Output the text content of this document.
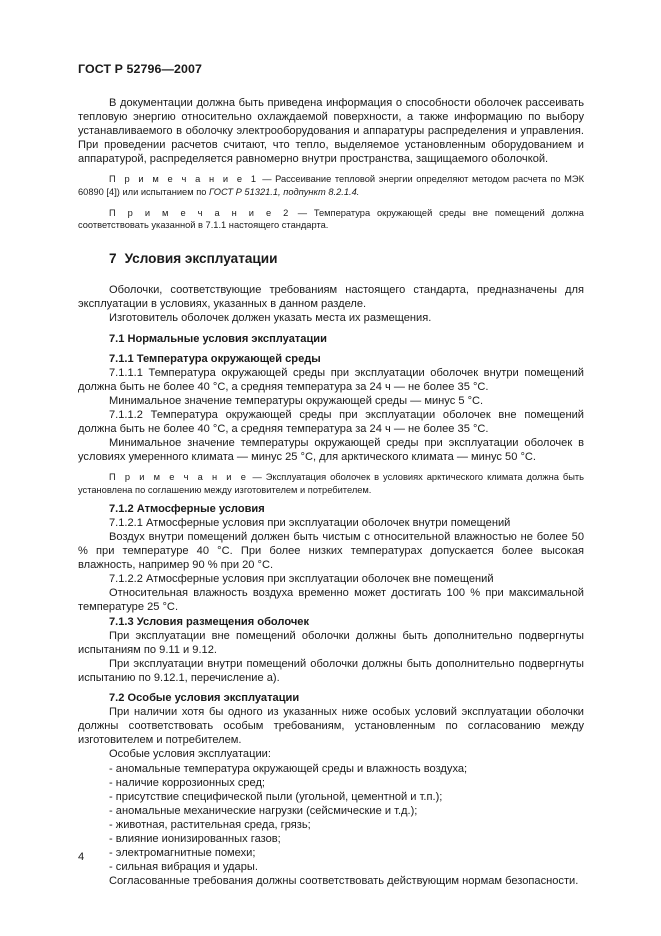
ГОСТ Р 52796—2007

В документации должна быть приведена информация о способности оболочек рассеивать тепловую энергию относительно охлаждаемой поверхности, а также информацию по выбору устанавливаемого в оболочку электрооборудования и аппаратуры распределения и управления. При проведении расчетов считают, что тепло, выделяемое установленным оборудованием и аппаратурой, распределяется равномерно внутри пространства, защищаемого оболочкой.

П р и м е ч а н и е 1 — Рассеивание тепловой энергии определяют методом расчета по МЭК 60890 [4]) или испытанием по ГОСТ Р 51321.1, подпункт 8.2.1.4.

П р и м е ч а н и е 2 — Температура окружающей среды вне помещений должна соответствовать указанной в 7.1.1 настоящего стандарта.

7 Условия эксплуатации

Оболочки, соответствующие требованиям настоящего стандарта, предназначены для эксплуатации в условиях, указанных в данном разделе.

Изготовитель оболочек должен указать места их размещения.

7.1 Нормальные условия эксплуатации

7.1.1 Температура окружающей среды

7.1.1.1 Температура окружающей среды при эксплуатации оболочек внутри помещений должна быть не более 40 °С, а средняя температура за 24 ч — не более 35 °С.

Минимальное значение температуры окружающей среды — минус 5 °С.

7.1.1.2 Температура окружающей среды при эксплуатации оболочек вне помещений должна быть не более 40 °С, а средняя температура за 24 ч — не более 35 °С.

Минимальное значение температуры окружающей среды при эксплуатации оболочек в условиях умеренного климата — минус 25 °С, для арктического климата — минус 50 °С.

П р и м е ч а н и е — Эксплуатация оболочек в условиях арктического климата должна быть установлена по соглашению между изготовителем и потребителем.

7.1.2 Атмосферные условия

7.1.2.1 Атмосферные условия при эксплуатации оболочек внутри помещений

Воздух внутри помещений должен быть чистым с относительной влажностью не более 50 % при температуре 40 °С. При более низких температурах допускается более высокая влажность, например 90 % при 20 °С.

7.1.2.2 Атмосферные условия при эксплуатации оболочек вне помещений

Относительная влажность воздуха временно может достигать 100 % при максимальной температуре 25 °С.

7.1.3 Условия размещения оболочек

При эксплуатации вне помещений оболочки должны быть дополнительно подвергнуты испытаниям по 9.11 и 9.12.

При эксплуатации внутри помещений оболочки должны быть дополнительно подвергнуты испытанию по 9.12.1, перечисление а).

7.2 Особые условия эксплуатации

При наличии хотя бы одного из указанных ниже особых условий эксплуатации оболочки должны соответствовать особым требованиям, установленным по согласованию между изготовителем и потребителем.

Особые условия эксплуатации:

- аномальные температура окружающей среды и влажность воздуха;
- наличие коррозионных сред;
- присутствие специфической пыли (угольной, цементной и т.п.);
- аномальные механические нагрузки (сейсмические и т.д.);
- животная, растительная среда, грязь;
- влияние ионизированных газов;
- электромагнитные помехи;
- сильная вибрация и удары.

Согласованные требования должны соответствовать действующим нормам безопасности.

4
